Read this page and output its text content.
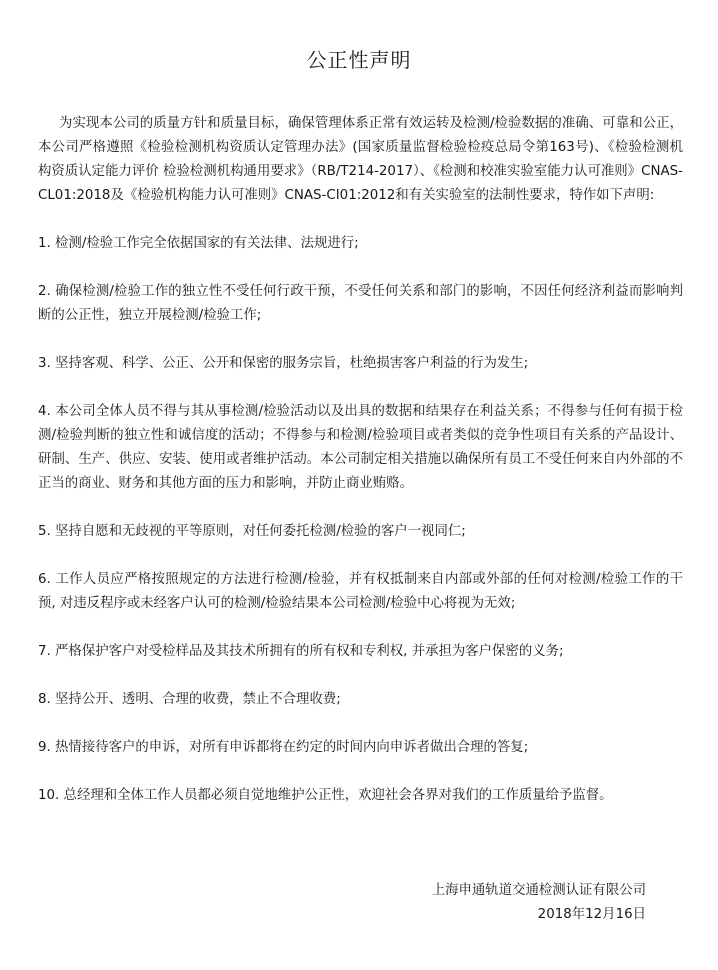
公正性声明

为实现本公司的质量方针和质量目标，确保管理体系正常有效运转及检测/检验数据的准确、可靠和公正，本公司严格遵照《检验检测机构资质认定管理办法》(国家质量监督检验检疫总局令第163号)、《检验检测机构资质认定能力评价 检验检测机构通用要求》（RB/T214-2017）、《检测和校准实验室能力认可准则》CNAS-CL01:2018及《检验机构能力认可准则》CNAS-CI01:2012和有关实验室的法制性要求，特作如下声明:

1. 检测/检验工作完全依据国家的有关法律、法规进行;

2. 确保检测/检验工作的独立性不受任何行政干预，不受任何关系和部门的影响，不因任何经济利益而影响判断的公正性，独立开展检测/检验工作;

3. 坚持客观、科学、公正、公开和保密的服务宗旨，杜绝损害客户利益的行为发生;

4. 本公司全体人员不得与其从事检测/检验活动以及出具的数据和结果存在利益关系；不得参与任何有损于检测/检验判断的独立性和诚信度的活动；不得参与和检测/检验项目或者类似的竞争性项目有关系的产品设计、研制、生产、供应、安装、使用或者维护活动。本公司制定相关措施以确保所有员工不受任何来自内外部的不正当的商业、财务和其他方面的压力和影响，并防止商业贿赂。

5. 坚持自愿和无歧视的平等原则，对任何委托检测/检验的客户一视同仁;

6. 工作人员应严格按照规定的方法进行检测/检验，并有权抵制来自内部或外部的任何对检测/检验工作的干预, 对违反程序或未经客户认可的检测/检验结果本公司检测/检验中心将视为无效;

7. 严格保护客户对受检样品及其技术所拥有的所有权和专利权, 并承担为客户保密的义务;

8. 坚持公开、透明、合理的收费，禁止不合理收费;

9. 热情接待客户的申诉，对所有申诉都将在约定的时间内向申诉者做出合理的答复;

10. 总经理和全体工作人员都必须自觉地维护公正性，欢迎社会各界对我们的工作质量给予监督。

上海申通轨道交通检测认证有限公司
2018年12月16日
